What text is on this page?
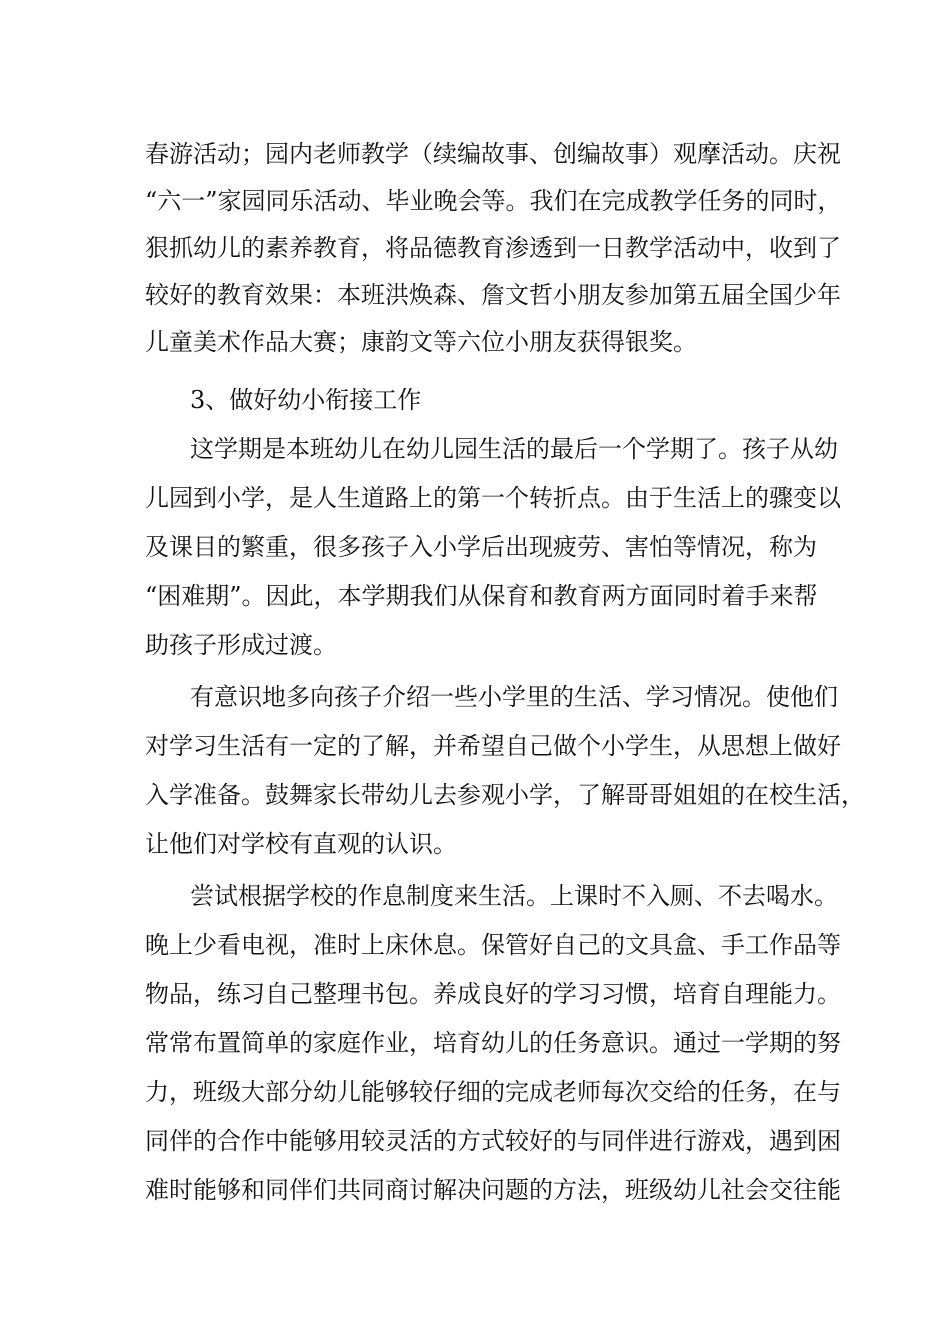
春游活动；园内老师教学（续编故事、创编故事）观摩活动。庆祝
“六一”家园同乐活动、毕业晚会等。我们在完成教学任务的同时，
狠抓幼儿的素养教育，将品德教育渗透到一日教学活动中，收到了
较好的教育效果：本班洪焕森、詹文哲小朋友参加第五届全国少年
儿童美术作品大赛；康韵文等六位小朋友获得银奖。
3、做好幼小衔接工作
这学期是本班幼儿在幼儿园生活的最后一个学期了。孩子从幼
儿园到小学，是人生道路上的第一个转折点。由于生活上的骤变以
及课目的繁重，很多孩子入小学后出现疲劳、害怕等情况，称为
“困难期”。因此，本学期我们从保育和教育两方面同时着手来帮
助孩子形成过渡。
有意识地多向孩子介绍一些小学里的生活、学习情况。使他们
对学习生活有一定的了解，并希望自己做个小学生，从思想上做好
入学准备。鼓舞家长带幼儿去参观小学，了解哥哥姐姐的在校生活，
让他们对学校有直观的认识。
尝试根据学校的作息制度来生活。上课时不入厕、不去喝水。
晚上少看电视，准时上床休息。保管好自己的文具盒、手工作品等
物品，练习自己整理书包。养成良好的学习习惯，培育自理能力。
常常布置简单的家庭作业，培育幼儿的任务意识。通过一学期的努
力，班级大部分幼儿能够较仔细的完成老师每次交给的任务，在与
同伴的合作中能够用较灵活的方式较好的与同伴进行游戏，遇到困
难时能够和同伴们共同商讨解决问题的方法，班级幼儿社会交往能
